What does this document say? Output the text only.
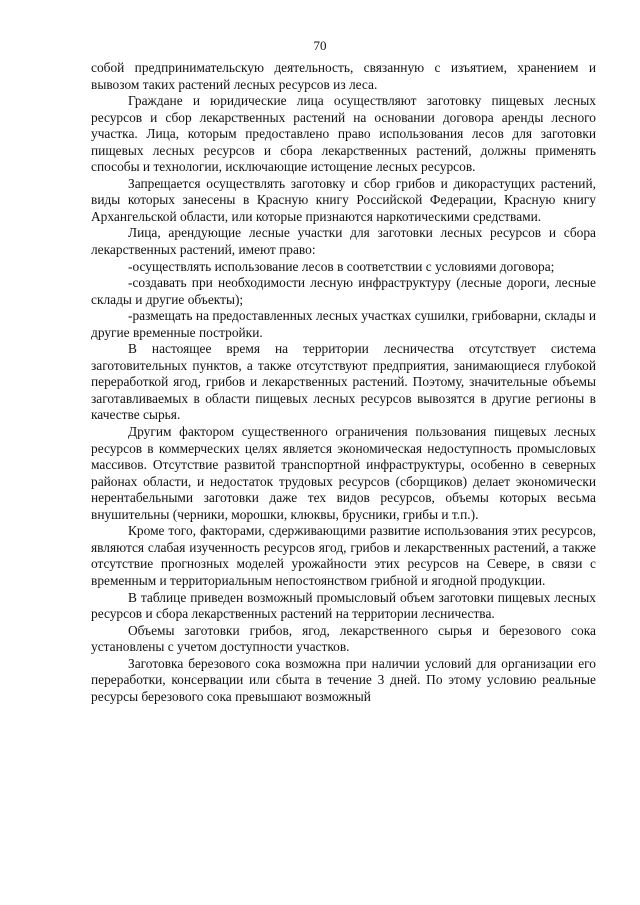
70

собой предпринимательскую деятельность, связанную с изъятием, хранением и вывозом таких растений лесных ресурсов из леса.

Граждане и юридические лица осуществляют заготовку пищевых лесных ресурсов и сбор лекарственных растений на основании договора аренды лесного участка. Лица, которым предоставлено право использования лесов для заготовки пищевых лесных ресурсов и сбора лекарственных растений, должны применять способы и технологии, исключающие истощение лесных ресурсов.

Запрещается осуществлять заготовку и сбор грибов и дикорастущих растений, виды которых занесены в Красную книгу Российской Федерации, Красную книгу Архангельской области, или которые признаются наркотическими средствами.

Лица, арендующие лесные участки для заготовки лесных ресурсов и сбора лекарственных растений, имеют право:

-осуществлять использование лесов в соответствии с условиями договора;

-создавать при необходимости лесную инфраструктуру (лесные дороги, лесные склады и другие объекты);

-размещать на предоставленных лесных участках сушилки, грибоварни, склады и другие временные постройки.

В настоящее время на территории лесничества отсутствует система заготовительных пунктов, а также отсутствуют предприятия, занимающиеся глубокой переработкой ягод, грибов и лекарственных растений. Поэтому, значительные объемы заготавливаемых в области пищевых лесных ресурсов вывозятся в другие регионы в качестве сырья.

Другим фактором существенного ограничения пользования пищевых лесных ресурсов в коммерческих целях является экономическая недоступность промысловых массивов. Отсутствие развитой транспортной инфраструктуры, особенно в северных районах области, и недостаток трудовых ресурсов (сборщиков) делает экономически нерентабельными заготовки даже тех видов ресурсов, объемы которых весьма внушительны (черники, морошки, клюквы, брусники, грибы и т.п.).

Кроме того, факторами, сдерживающими развитие использования этих ресурсов, являются слабая изученность ресурсов ягод, грибов и лекарственных растений, а также отсутствие прогнозных моделей урожайности этих ресурсов на Севере, в связи с временным и территориальным непостоянством грибной и ягодной продукции.

В таблице приведен возможный промысловый объем заготовки пищевых лесных ресурсов и сбора лекарственных растений на территории лесничества.

Объемы заготовки грибов, ягод, лекарственного сырья и березового сока установлены с учетом доступности участков.

Заготовка березового сока возможна при наличии условий для организации его переработки, консервации или сбыта в течение 3 дней. По этому условию реальные ресурсы березового сока превышают возможный
